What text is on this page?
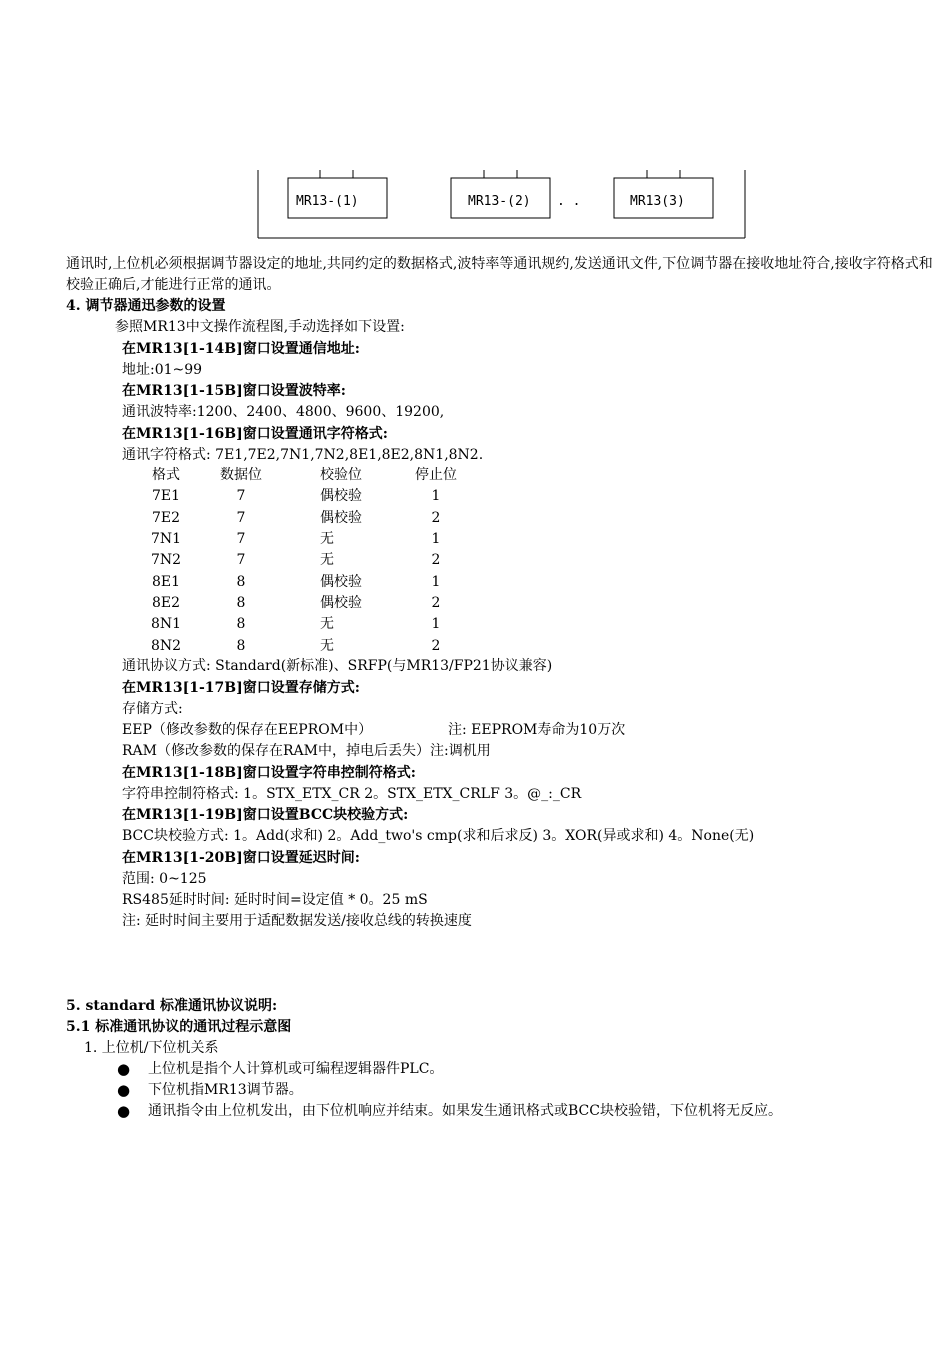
MR13-(1)	MR13-(2)	MR13(3)
. .
通讯时,上位机必须根据调节器设定的地址,共同约定的数据格式,波特率等通讯规约,发送通讯文件,下位调节器在接收地址符合,接收字符格式和校验正确后,才能进行正常的通讯。
4. 调节器通迅参数的设置
参照MR13中文操作流程图,手动选择如下设置:
在MR13[1-14B]窗口设置通信地址:
地址:01~99
在MR13[1-15B]窗口设置波特率:
通讯波特率:1200、2400、4800、9600、19200,
在MR13[1-16B]窗口设置通讯字符格式:
通讯字符格式: 7E1,7E2,7N1,7N2,8E1,8E2,8N1,8N2.
格式	数据位	校验位	停止位
7E1	7	偶校验	1
7E2	7	偶校验	2
7N1	7	无	1
7N2	7	无	2
8E1	8	偶校验	1
8E2	8	偶校验	2
8N1	8	无	1
8N2	8	无	2
通讯协议方式: Standard(新标准)、SRFP(与MR13/FP21协议兼容)
在MR13[1-17B]窗口设置存储方式:
存储方式:
EEP（修改参数的保存在EEPROM中）	注: EEPROM寿命为10万次
RAM（修改参数的保存在RAM中，掉电后丢失）注:调机用
在MR13[1-18B]窗口设置字符串控制符格式:
字符串控制符格式: 1。STX_ETX_CR 2。STX_ETX_CRLF 3。@_:_CR
在MR13[1-19B]窗口设置BCC块校验方式:
BCC块校验方式: 1。Add(求和) 2。Add_two's cmp(求和后求反) 3。XOR(异或求和) 4。None(无)
在MR13[1-20B]窗口设置延迟时间:
范围: 0~125
RS485延时时间: 延时时间=设定值 * 0。25 mS
注: 延时时间主要用于适配数据发送/接收总线的转换速度
5. standard 标准通讯协议说明:
5.1 标准通讯协议的通讯过程示意图
1. 上位机/下位机关系
● 上位机是指个人计算机或可编程逻辑器件PLC。
● 下位机指MR13调节器。
● 通讯指令由上位机发出，由下位机响应并结束。如果发生通讯格式或BCC块校验错，下位机将无反应。
